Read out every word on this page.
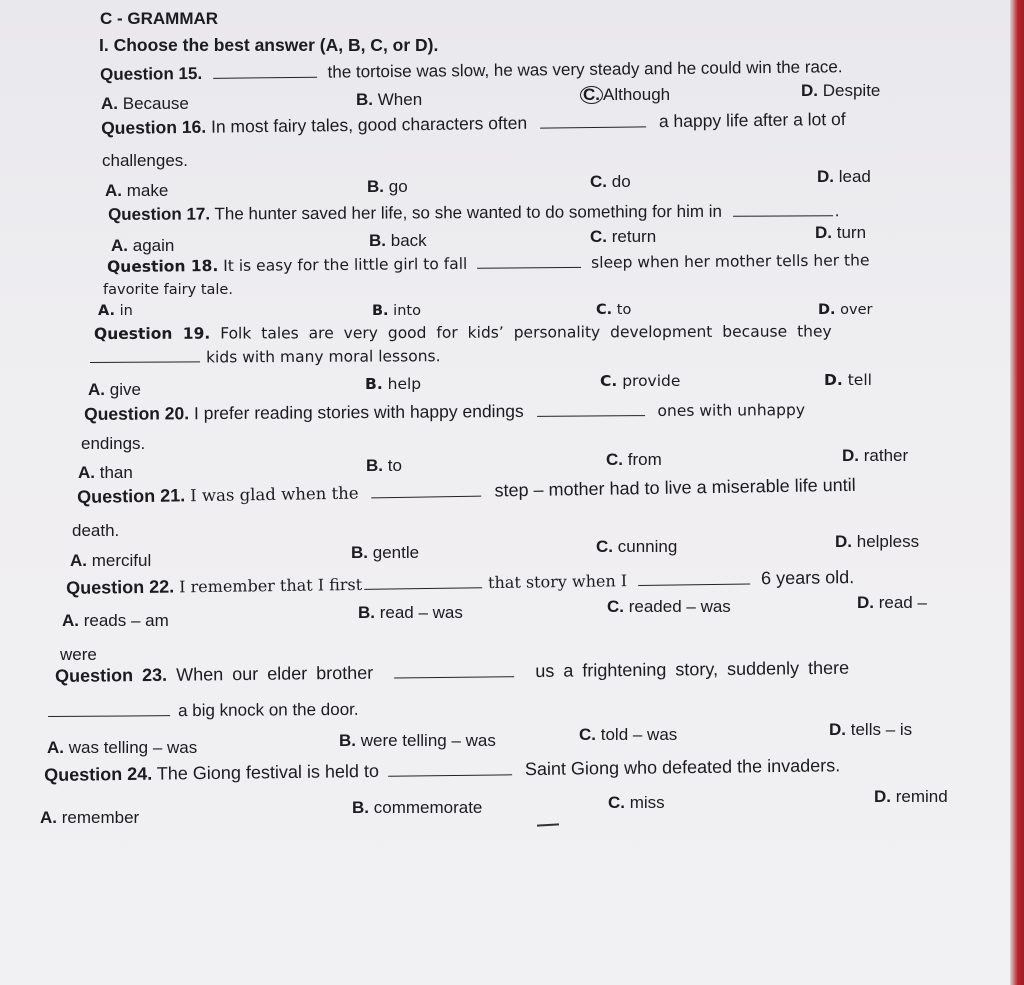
C - GRAMMAR
I. Choose the best answer (A, B, C, or D).
Question 15.	the tortoise was slow, he was very steady and he could win the race.
A. Because	B. When	C. Although	D. Despite
Question 16. In most fairy tales, good characters often	a happy life after a lot of
challenges.
A. make	B. go	C. do	D. lead
Question 17. The hunter saved her life, so she wanted to do something for him in	.
A. again	B. back	C. return	D. turn
Question 18. It is easy for the little girl to fall	sleep when her mother tells her the
favorite fairy tale.
A. in	B. into	C. to	D. over
Question 19. Folk tales are very good for kids’ personality development because they
kids with many moral lessons.
A. give	B. help	C. provide	D. tell
Question 20. I prefer reading stories with happy endings	ones with unhappy
endings.
A. than	B. to	C. from	D. rather
Question 21. I was glad when the	step – mother had to live a miserable life until
death.
A. merciful	B. gentle	C. cunning	D. helpless
Question 22. I remember that I first	that story when I	6 years old.
A. reads – am	B. read – was	C. readed – was	D. read –
were
Question 23. When our elder brother	us a frightening story, suddenly there
a big knock on the door.
A. was telling – was	B. were telling – was	C. told – was	D. tells – is
Question 24. The Giong festival is held to	Saint Giong who defeated the invaders.
A. remember
B. commemorate	C. miss	D. remind
